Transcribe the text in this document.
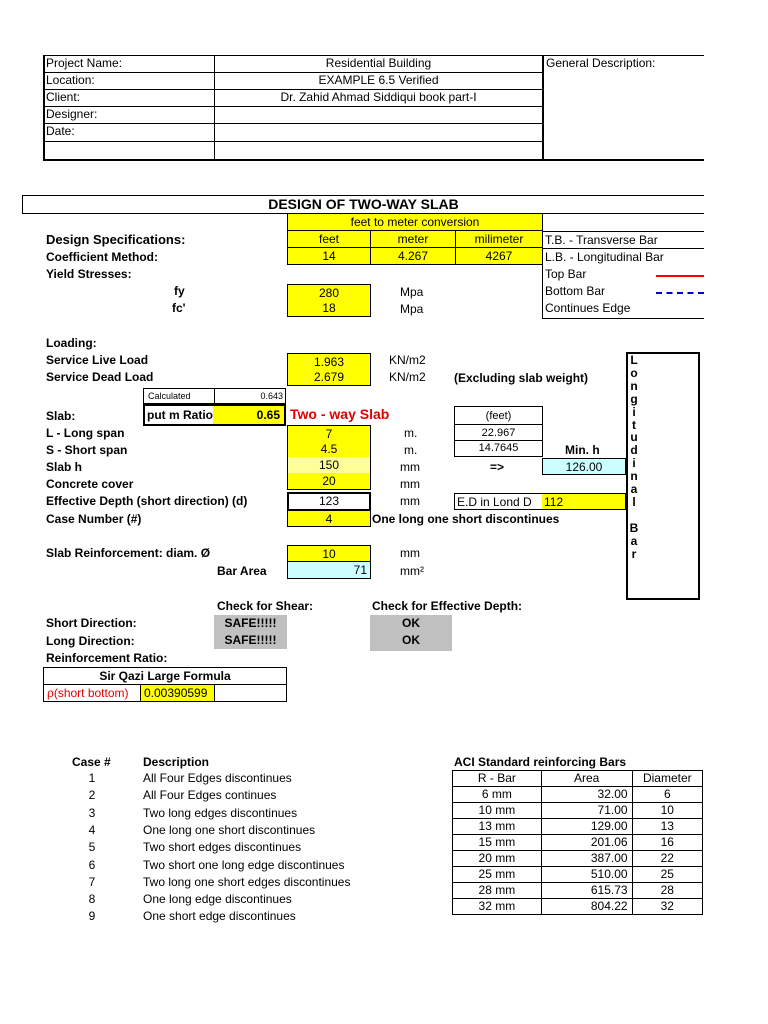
Project Name:	Residential Building
Location:	EXAMPLE 6.5 Verified
Client:	Dr. Zahid Ahmad Siddiqui book part-I
Designer:
Date:
General Description:
DESIGN OF TWO-WAY SLAB
feet to meter conversion
feet	meter	milimeter
14	4.267	4267
T.B. - Transverse Bar
L.B. - Longitudinal Bar
Top Bar
Bottom Bar
Continues Edge
Design Specifications:
Coefficient Method:
Yield Stresses:
fy	280	Mpa
fc'	18	Mpa
Loading:
Service Live Load	1.963	KN/m2
Service Dead Load	2.679	KN/m2 (Excluding slab weight)
Calculated	0.643
Slab:	put m Ratio	0.65 Two - way Slab	(feet)
L - Long span	7	m.	22.967
S - Short span	4.5	m.	14.7645	Min. h
Slab h	150	mm	=>	126.00
Concrete cover	20	mm
Effective Depth (short direction) (d)	123	mm	E.D in Lond D	112
Case Number (#)	4	One long one short discontinues
L
o
n
g
i
t
u
d
i
n
a
l

B
a
r
Slab Reinforcement: diam. Ø	10	mm
Bar Area	71	mm²
Check for Shear:	Check for Effective Depth:
Short Direction:	SAFE!!!!!	OK
Long Direction:	SAFE!!!!!	OK
Reinforcement Ratio:
Sir Qazi Large Formula
ρ(short bottom)	0.00390599
Case #	Description
1	All Four Edges discontinues
2	All Four Edges continues
3	Two long edges discontinues
4	One long one short discontinues
5	Two short edges discontinues
6	Two short one long edge discontinues
7	Two long one short edges discontinues
8	One long edge discontinues
9	One short edge discontinues
ACI Standard reinforcing Bars
R - Bar	Area	Diameter
6 mm	32.00	6
10 mm	71.00	10
13 mm	129.00	13
15 mm	201.06	16
20 mm	387.00	22
25 mm	510.00	25
28 mm	615.73	28
32 mm	804.22	32
